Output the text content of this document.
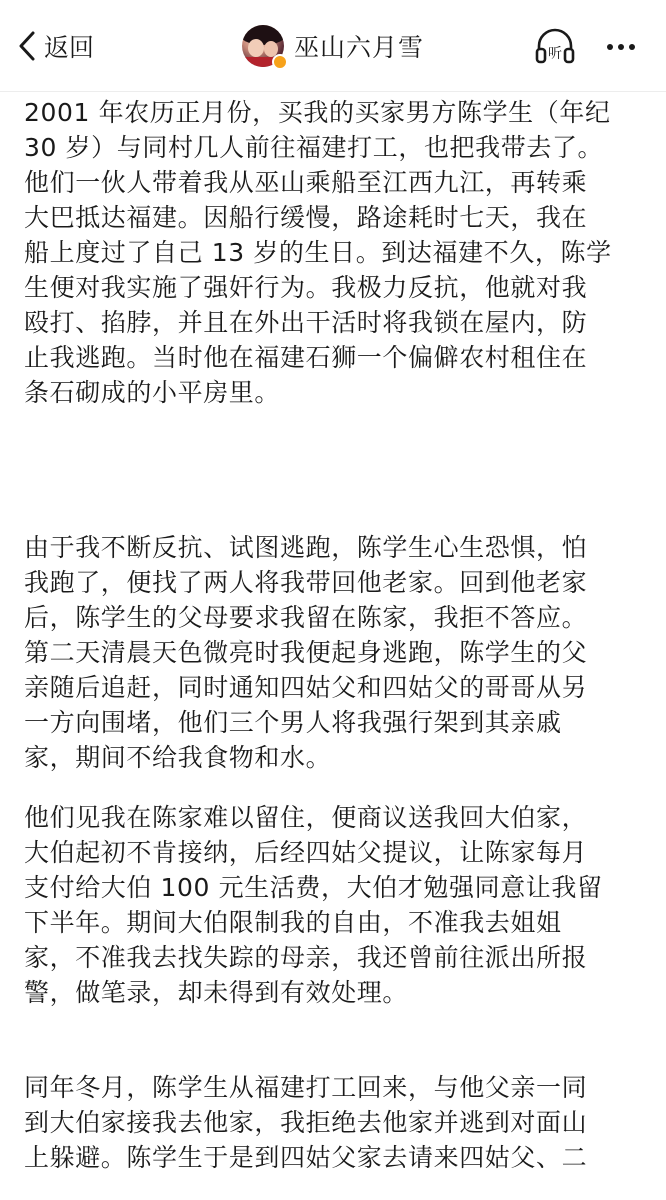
返回	巫山六月雪	听

2001 年农历正月份，买我的买家男方陈学生（年纪
30 岁）与同村几人前往福建打工，也把我带去了。
他们一伙人带着我从巫山乘船至江西九江，再转乘
大巴抵达福建。因船行缓慢，路途耗时七天，我在
船上度过了自己 13 岁的生日。到达福建不久，陈学
生便对我实施了强奸行为。我极力反抗，他就对我
殴打、掐脖，并且在外出干活时将我锁在屋内，防
止我逃跑。当时他在福建石狮一个偏僻农村租住在
条石砌成的小平房里。

由于我不断反抗、试图逃跑，陈学生心生恐惧，怕
我跑了，便找了两人将我带回他老家。回到他老家
后，陈学生的父母要求我留在陈家，我拒不答应。
第二天清晨天色微亮时我便起身逃跑，陈学生的父
亲随后追赶，同时通知四姑父和四姑父的哥哥从另
一方向围堵，他们三个男人将我强行架到其亲戚
家，期间不给我食物和水。

他们见我在陈家难以留住，便商议送我回大伯家，
大伯起初不肯接纳，后经四姑父提议，让陈家每月
支付给大伯 100 元生活费，大伯才勉强同意让我留
下半年。期间大伯限制我的自由，不准我去姐姐
家，不准我去找失踪的母亲，我还曾前往派出所报
警，做笔录，却未得到有效处理。

同年冬月，陈学生从福建打工回来，与他父亲一同
到大伯家接我去他家，我拒绝去他家并逃到对面山
上躲避。陈学生于是到四姑父家去请来四姑父、二
